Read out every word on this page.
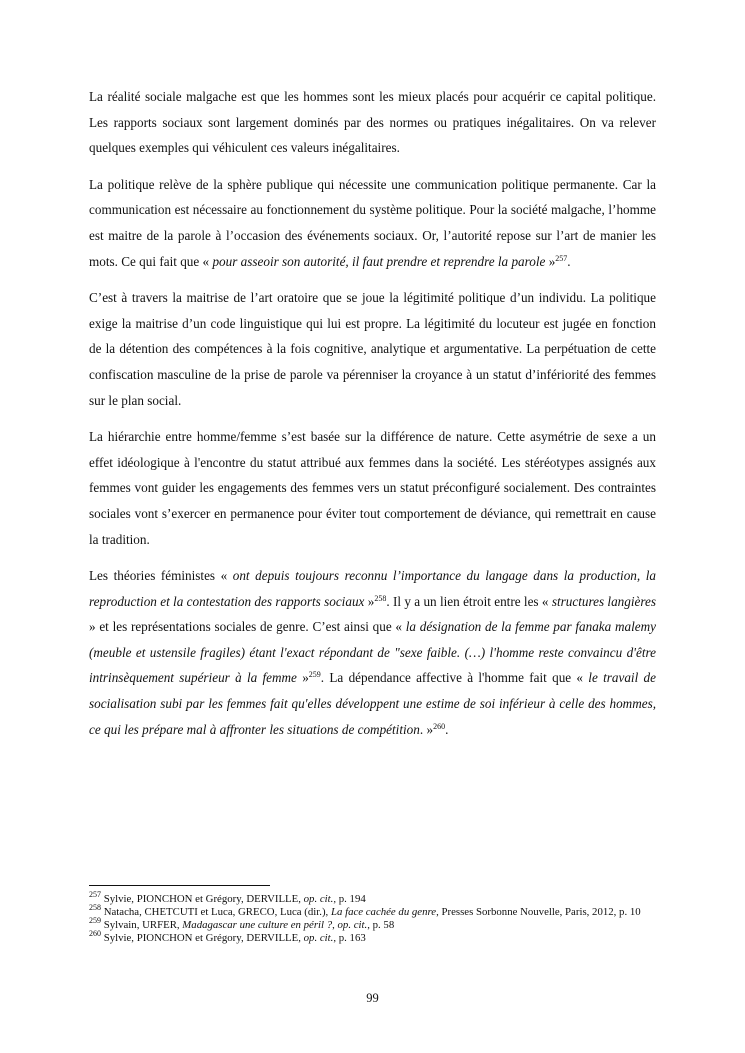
La réalité sociale malgache est que les hommes sont les mieux placés pour acquérir ce capital politique. Les rapports sociaux sont largement dominés par des normes ou pratiques inégalitaires. On va relever quelques exemples qui véhiculent ces valeurs inégalitaires.

La politique relève de la sphère publique qui nécessite une communication politique permanente. Car la communication est nécessaire au fonctionnement du système politique. Pour la société malgache, l’homme est maitre de la parole à l’occasion des événements sociaux. Or, l’autorité repose sur l’art de manier les mots. Ce qui fait que « pour asseoir son autorité, il faut prendre et reprendre la parole »$^{257}$.

C’est à travers la maitrise de l’art oratoire que se joue la légitimité politique d’un individu. La politique exige la maitrise d’un code linguistique qui lui est propre. La légitimité du locuteur est jugée en fonction de la détention des compétences à la fois cognitive, analytique et argumentative. La perpétuation de cette confiscation masculine de la prise de parole va pérenniser la croyance à un statut d’infériorité des femmes sur le plan social.

La hiérarchie entre homme/femme s’est basée sur la différence de nature. Cette asymétrie de sexe a un effet idéologique à l'encontre du statut attribué aux femmes dans la société. Les stéréotypes assignés aux femmes vont guider les engagements des femmes vers un statut préconfiguré socialement. Des contraintes sociales vont s’exercer en permanence pour éviter tout comportement de déviance, qui remettrait en cause la tradition.

Les théories féministes « ont depuis toujours reconnu l’importance du langage dans la production, la reproduction et la contestation des rapports sociaux »$^{258}$. Il y a un lien étroit entre les « structures langières » et les représentations sociales de genre. C’est ainsi que « la désignation de la femme par fanaka malemy (meuble et ustensile fragiles) étant l'exact répondant de "sexe faible. (…) l'homme reste convaincu d'être intrinsèquement supérieur à la femme »$^{259}$. La dépendance affective à l'homme fait que « le travail de socialisation subi par les femmes fait qu'elles développent une estime de soi inférieur à celle des hommes, ce qui les prépare mal à affronter les situations de compétition. »$^{260}$.

$^{257}$ Sylvie, PIONCHON et Grégory, DERVILLE, op. cit., p. 194

$^{258}$ Natacha, CHETCUTI et Luca, GRECO, Luca (dir.), La face cachée du genre, Presses Sorbonne Nouvelle, Paris, 2012, p. 10

$^{259}$ Sylvain, URFER, Madagascar une culture en péril ?, op. cit., p. 58

$^{260}$ Sylvie, PIONCHON et Grégory, DERVILLE, op. cit., p. 163

99
